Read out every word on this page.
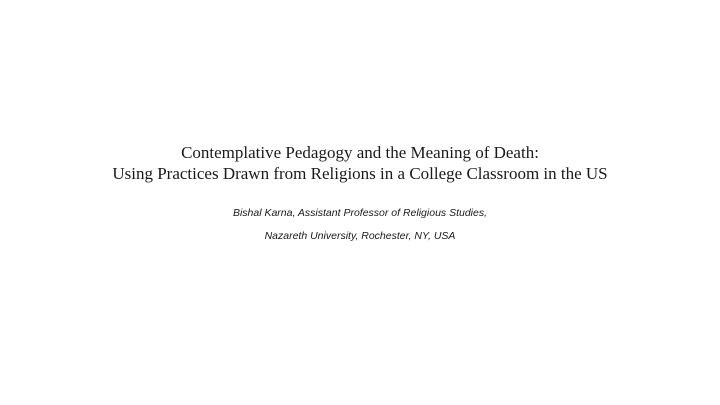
Contemplative Pedagogy and the Meaning of Death:
Using Practices Drawn from Religions in a College Classroom in the US
Bishal Karna, Assistant Professor of Religious Studies,
Nazareth University, Rochester, NY, USA
